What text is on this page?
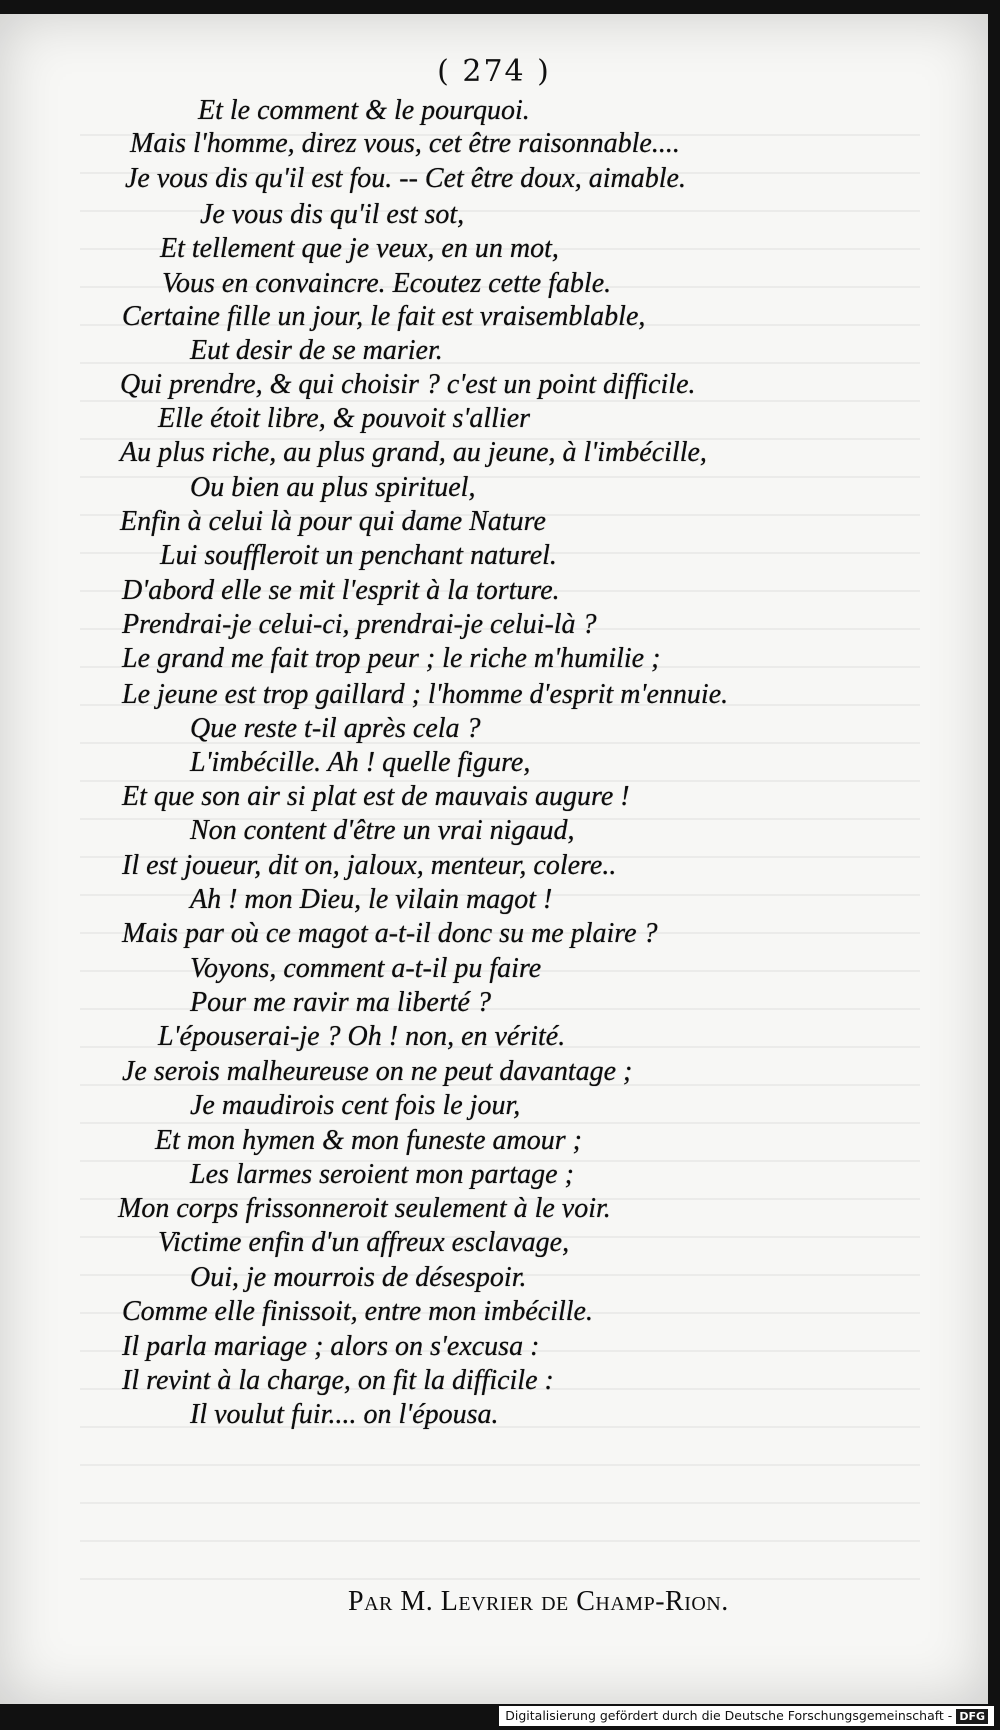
( 274 )

Et le comment & le pourquoi.
Mais l'homme, direz vous, cet être raisonnable....
Je vous dis qu'il est fou. -- Cet être doux, aimable.
Je vous dis qu'il est sot,
Et tellement que je veux, en un mot,
Vous en convaincre. Ecoutez cette fable.
Certaine fille un jour, le fait est vraisemblable,
Eut desir de se marier.
Qui prendre, & qui choisir ? c'est un point difficile.
Elle étoit libre, & pouvoit s'allier
Au plus riche, au plus grand, au jeune, à l'imbécille,
Ou bien au plus spirituel,
Enfin à celui là pour qui dame Nature
Lui souffleroit un penchant naturel.
D'abord elle se mit l'esprit à la torture.
Prendrai-je celui-ci, prendrai-je celui-là ?
Le grand me fait trop peur ; le riche m'humilie ;
Le jeune est trop gaillard ; l'homme d'esprit m'ennuie.
Que reste t-il après cela ?
L'imbécille. Ah ! quelle figure,
Et que son air si plat est de mauvais augure !
Non content d'être un vrai nigaud,
Il est joueur, dit on, jaloux, menteur, colere..
Ah ! mon Dieu, le vilain magot !
Mais par où ce magot a-t-il donc su me plaire ?
Voyons, comment a-t-il pu faire
Pour me ravir ma liberté ?
L'épouserai-je ? Oh ! non, en vérité.
Je serois malheureuse on ne peut davantage ;
Je maudirois cent fois le jour,
Et mon hymen & mon funeste amour ;
Les larmes seroient mon partage ;
Mon corps frissonneroit seulement à le voir.
Victime enfin d'un affreux esclavage,
Oui, je mourrois de désespoir.
Comme elle finissoit, entre mon imbécille.
Il parla mariage ; alors on s'excusa :
Il revint à la charge, on fit la difficile :
Il voulut fuir.... on l'épousa.
Par M. Levrier de Champ-Rion.
Digitalisierung gefördert durch die Deutsche Forschungsgemeinschaft - DFG
